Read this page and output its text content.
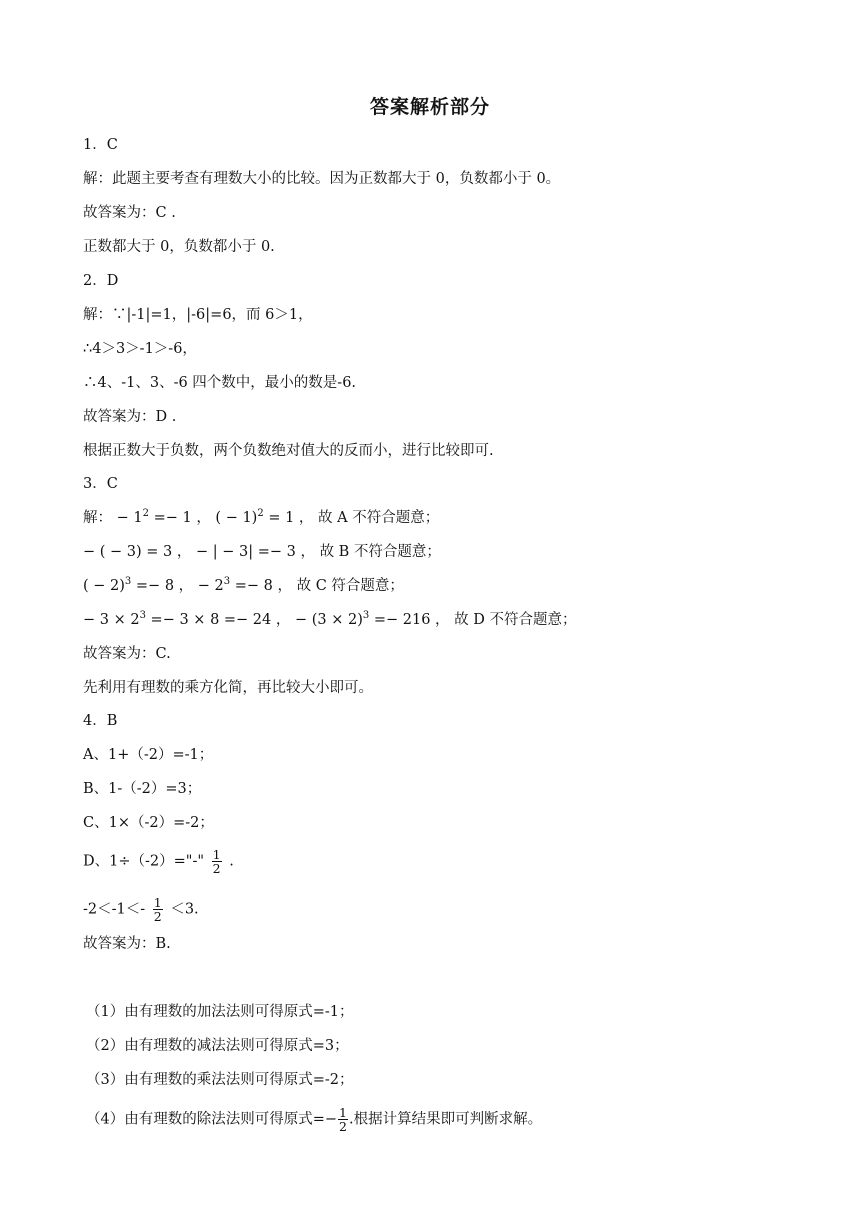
答案解析部分
1．C
解：此题主要考查有理数大小的比较。因为正数都大于 0，负数都小于 0。
故答案为：C .
正数都大于 0，负数都小于 0.
2．D
解：∵|-1|=1，|-6|=6，而 6＞1，
∴4＞3＞-1＞-6，
∴4、-1、3、-6 四个数中，最小的数是-6.
故答案为：D .
根据正数大于负数，两个负数绝对值大的反而小，进行比较即可.
3．C
解： − $1^2 =- 1$ ， ( − 1)$^2$ = 1 ， 故 A 不符合题意；
− ( − 3) = 3 ， − | − 3| =− 3 ， 故 B 不符合题意；
( − 2)$^3$ =− 8 ， − $2^3 =- 8$ ， 故 C 符合题意；
− $3 \times 2^3 =- 3 \times 8 =- 24$ ， − $(3 \times 2)^3 =- 216$ ， 故 D 不符合题意；
故答案为：C.
先利用有理数的乘方化简，再比较大小即可。
4．B
A、1+（-2）=-1；
B、1-（-2）=3；
C、1×（-2）=-2；
D、1÷（-2）="-" $\frac{1}{2}$ .
$-2<-1<- \frac{1}{2} <3$.
故答案为：B.
（1）由有理数的加法法则可得原式=-1；
（2）由有理数的减法法则可得原式=3；
（3）由有理数的乘法法则可得原式=-2；
（4）由有理数的除法法则可得原式=− $\frac{1}{2}$ .根据计算结果即可判断求解。
